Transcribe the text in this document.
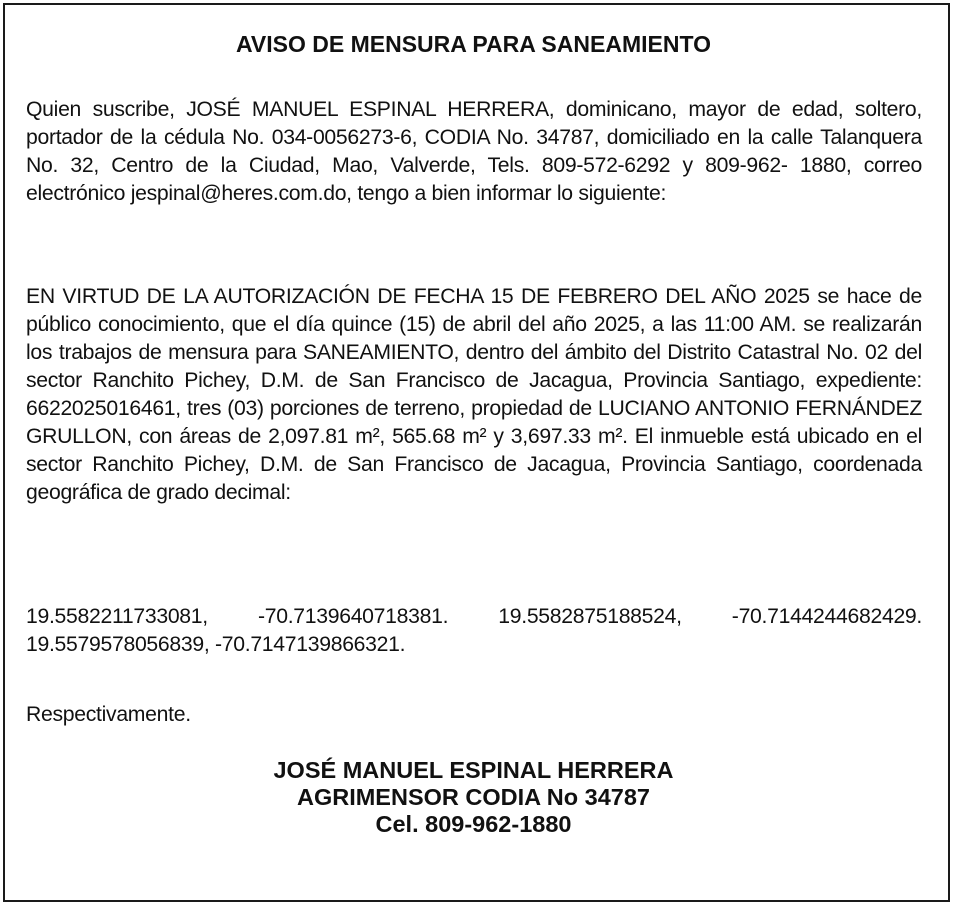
AVISO DE MENSURA PARA SANEAMIENTO
Quien suscribe, JOSÉ MANUEL ESPINAL HERRERA, dominicano, mayor de edad, soltero, portador de la cédula No. 034-0056273-6, CODIA No. 34787, domiciliado en la calle Talanquera No. 32, Centro de la Ciudad, Mao, Valverde, Tels. 809-572-6292 y 809-962- 1880, correo electrónico jespinal@heres.com.do, tengo a bien informar lo siguiente:
EN VIRTUD DE LA AUTORIZACIÓN DE FECHA 15 DE FEBRERO DEL AÑO 2025 se hace de público conocimiento, que el día quince (15) de abril del año 2025, a las 11:00 AM. se realizarán los trabajos de mensura para SANEAMIENTO, dentro del ámbito del Distrito Catastral No. 02 del sector Ranchito Pichey, D.M. de San Francisco de Jacagua, Provincia Santiago, expediente: 6622025016461, tres (03) porciones de terreno, propiedad de LUCIANO ANTONIO FERNÁNDEZ GRULLON, con áreas de 2,097.81 m², 565.68 m² y 3,697.33 m². El inmueble está ubicado en el sector Ranchito Pichey, D.M. de San Francisco de Jacagua, Provincia Santiago, coordenada geográfica de grado decimal:
19.5582211733081, -70.7139640718381. 19.5582875188524, -70.7144244682429. 19.5579578056839, -70.7147139866321.
Respectivamente.
JOSÉ MANUEL ESPINAL HERRERA
AGRIMENSOR CODIA No 34787
Cel. 809-962-1880
